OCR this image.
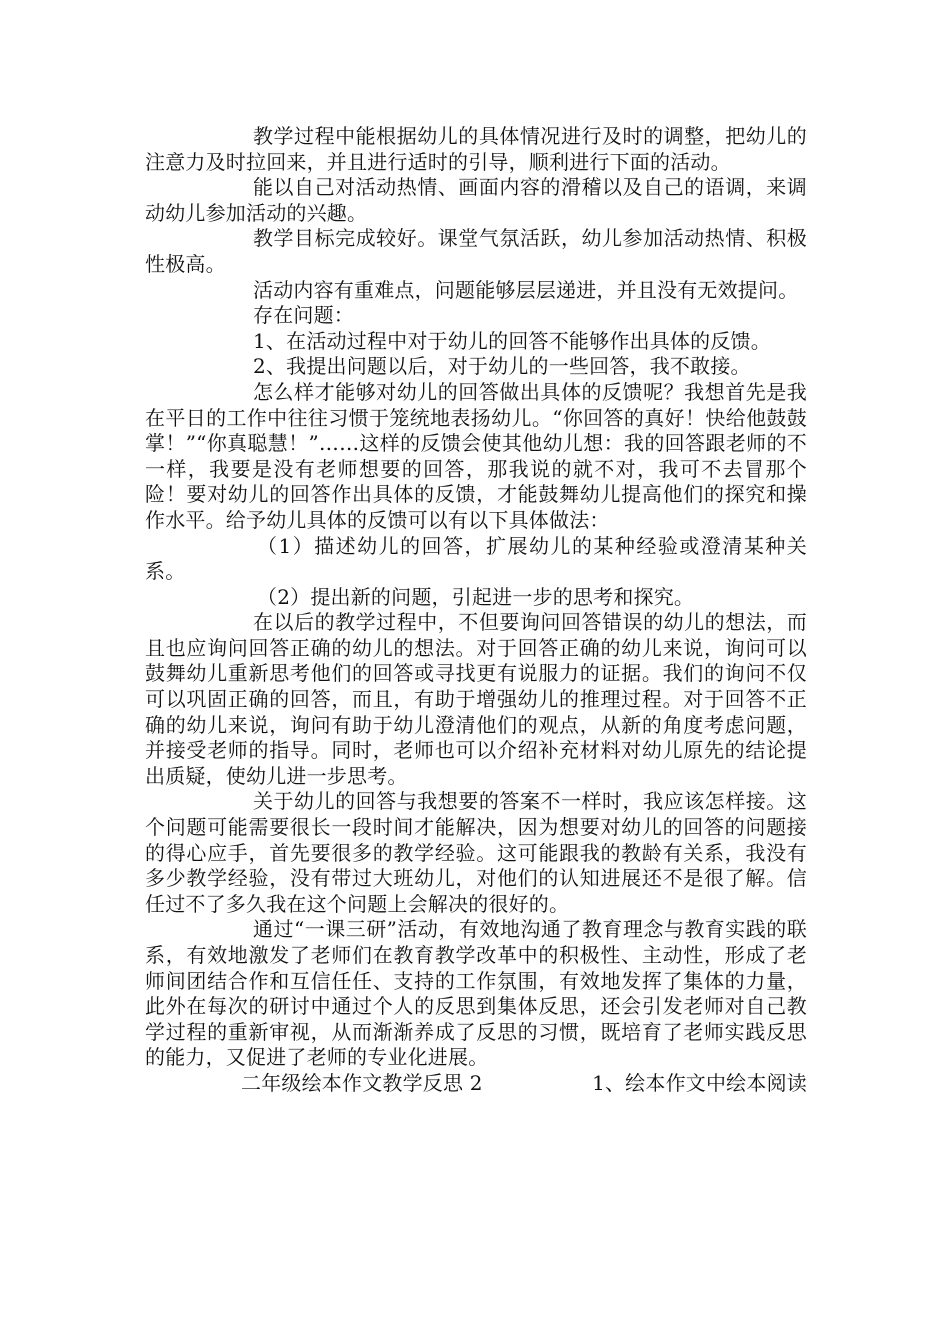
教学过程中能根据幼儿的具体情况进行及时的调整，把幼儿的注意力及时拉回来，并且进行适时的引导，顺利进行下面的活动。

能以自己对活动热情、画面内容的滑稽以及自己的语调，来调动幼儿参加活动的兴趣。

教学目标完成较好。课堂气氛活跃，幼儿参加活动热情、积极性极高。

活动内容有重难点，问题能够层层递进，并且没有无效提问。

存在问题：

1、在活动过程中对于幼儿的回答不能够作出具体的反馈。

2、我提出问题以后，对于幼儿的一些回答，我不敢接。

怎么样才能够对幼儿的回答做出具体的反馈呢？我想首先是我在平日的工作中往往习惯于笼统地表扬幼儿。“你回答的真好！快给他鼓鼓掌！”“你真聪慧！”……这样的反馈会使其他幼儿想：我的回答跟老师的不一样，我要是没有老师想要的回答，那我说的就不对，我可不去冒那个险！要对幼儿的回答作出具体的反馈，才能鼓舞幼儿提高他们的探究和操作水平。给予幼儿具体的反馈可以有以下具体做法：

（1）描述幼儿的回答，扩展幼儿的某种经验或澄清某种关系。

（2）提出新的问题，引起进一步的思考和探究。

在以后的教学过程中，不但要询问回答错误的幼儿的想法，而且也应询问回答正确的幼儿的想法。对于回答正确的幼儿来说，询问可以鼓舞幼儿重新思考他们的回答或寻找更有说服力的证据。我们的询问不仅可以巩固正确的回答，而且，有助于增强幼儿的推理过程。对于回答不正确的幼儿来说，询问有助于幼儿澄清他们的观点，从新的角度考虑问题，并接受老师的指导。同时，老师也可以介绍补充材料对幼儿原先的结论提出质疑，使幼儿进一步思考。

关于幼儿的回答与我想要的答案不一样时，我应该怎样接。这个问题可能需要很长一段时间才能解决，因为想要对幼儿的回答的问题接的得心应手，首先要很多的教学经验。这可能跟我的教龄有关系，我没有多少教学经验，没有带过大班幼儿，对他们的认知进展还不是很了解。信任过不了多久我在这个问题上会解决的很好的。

通过“一课三研”活动，有效地沟通了教育理念与教育实践的联系，有效地激发了老师们在教育教学改革中的积极性、主动性，形成了老师间团结合作和互信任任、支持的工作氛围，有效地发挥了集体的力量，此外在每次的研讨中通过个人的反思到集体反思，还会引发老师对自己教学过程的重新审视，从而渐渐养成了反思的习惯，既培育了老师实践反思的能力，又促进了老师的专业化进展。

二年级绘本作文教学反思 2	1、绘本作文中绘本阅读
